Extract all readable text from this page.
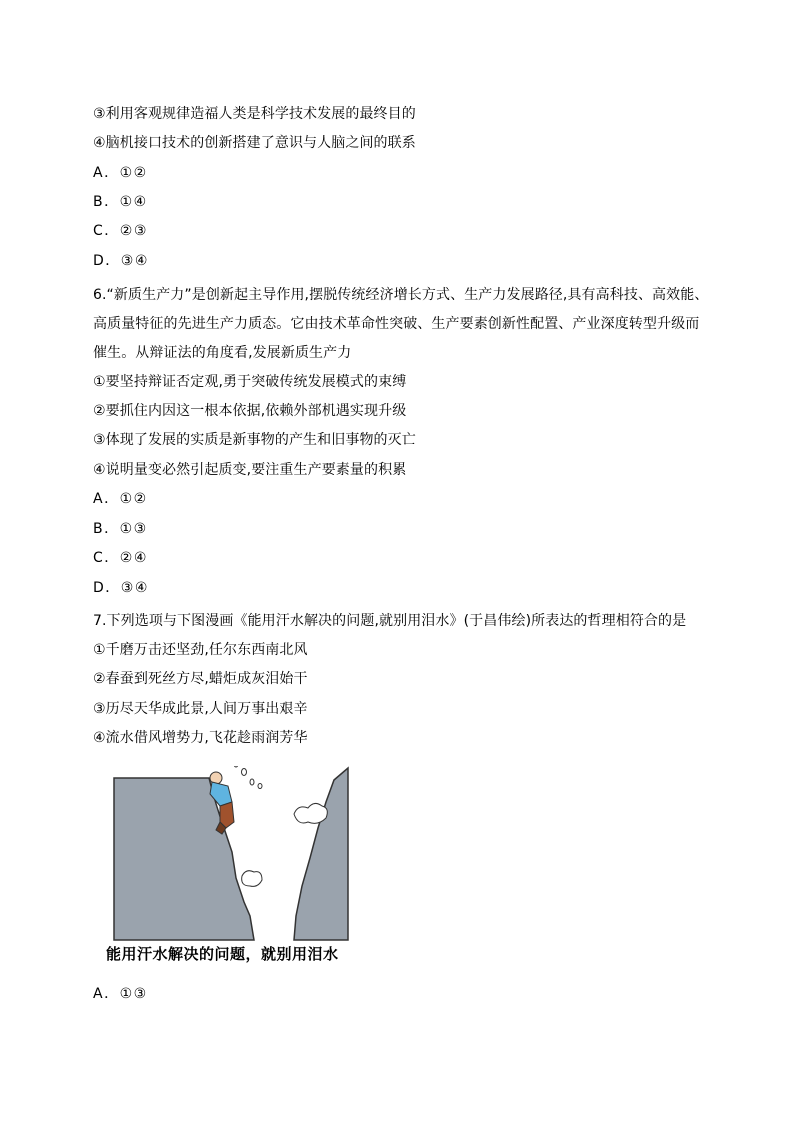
③利用客观规律造福人类是科学技术发展的最终目的

④脑机接口技术的创新搭建了意识与人脑之间的联系

A．①②

B．①④

C．②③

D．③④

6.“新质生产力”是创新起主导作用,摆脱传统经济增长方式、生产力发展路径,具有高科技、高效能、

高质量特征的先进生产力质态。它由技术革命性突破、生产要素创新性配置、产业深度转型升级而

催生。从辩证法的角度看,发展新质生产力

①要坚持辩证否定观,勇于突破传统发展模式的束缚

②要抓住内因这一根本依据,依赖外部机遇实现升级

③体现了发展的实质是新事物的产生和旧事物的灭亡

④说明量变必然引起质变,要注重生产要素量的积累

A．①②

B．①③

C．②④

D．③④

7.下列选项与下图漫画《能用汗水解决的问题,就别用泪水》(于昌伟绘)所表达的哲理相符合的是

①千磨万击还坚劲,任尔东西南北风

②春蚕到死丝方尽,蜡炬成灰泪始干

③历尽天华成此景,人间万事出艰辛

④流水借风增势力,飞花趁雨润芳华

能用汗水解决的问题，就别用泪水

A．①③
